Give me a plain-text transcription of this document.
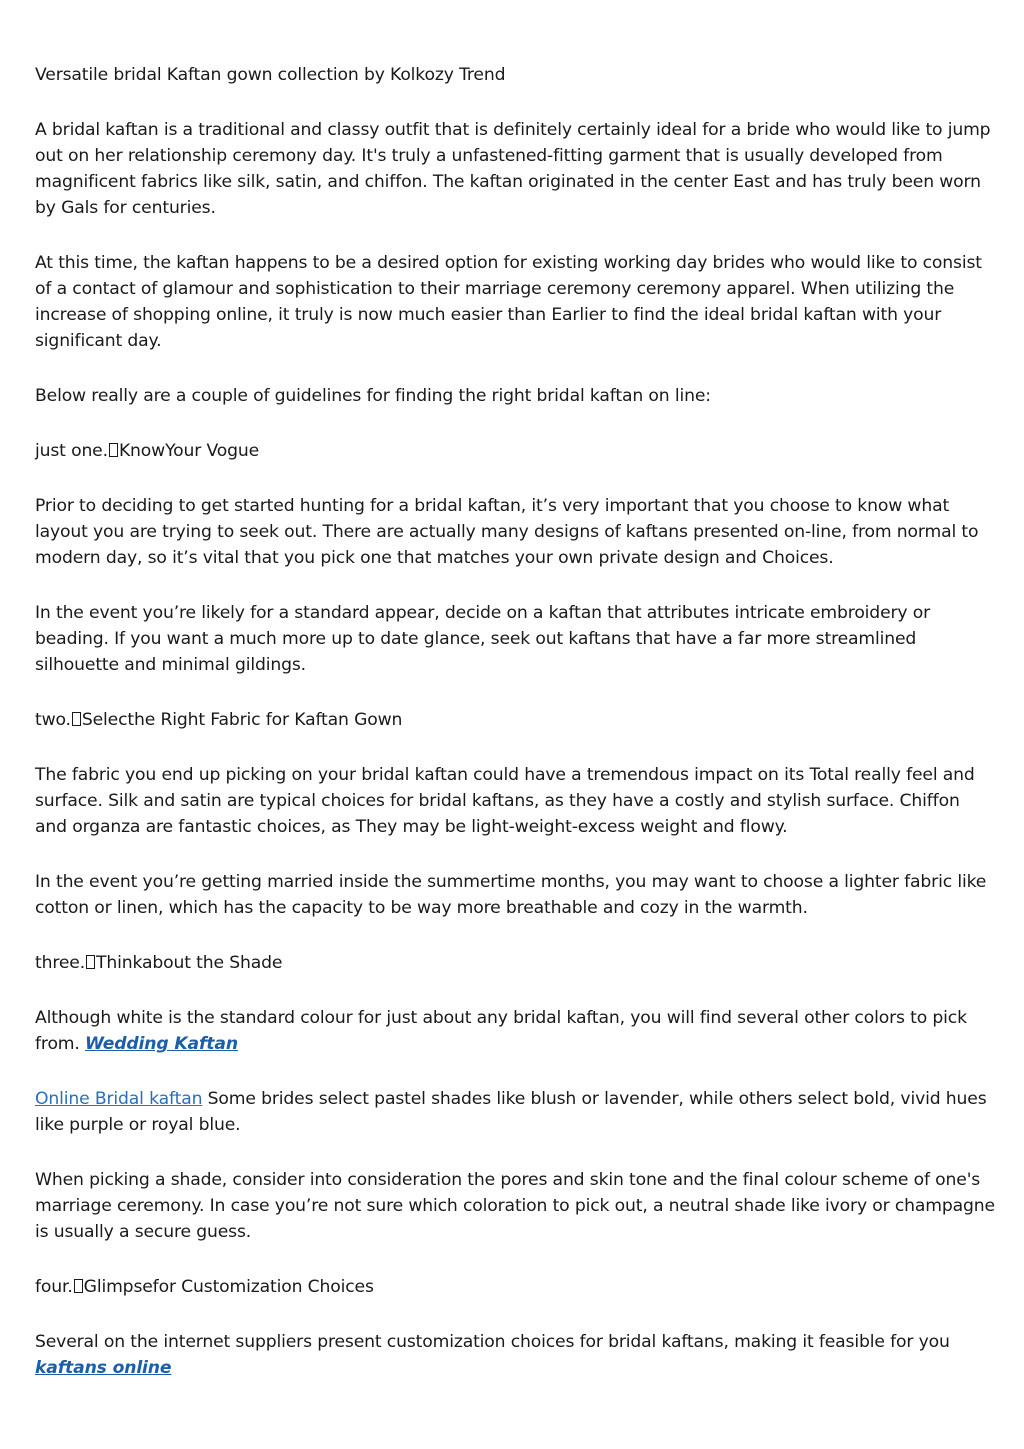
Versatile bridal Kaftan gown collection by Kolkozy Trend

A bridal kaftan is a traditional and classy outfit that is definitely certainly ideal for a bride who would like to jump out on her relationship ceremony day. It's truly a unfastened-fitting garment that is usually developed from magnificent fabrics like silk, satin, and chiffon. The kaftan originated in the center East and has truly been worn by Gals for centuries.

At this time, the kaftan happens to be a desired option for existing working day brides who would like to consist of a contact of glamour and sophistication to their marriage ceremony ceremony apparel. When utilizing the increase of shopping online, it truly is now much easier than Earlier to find the ideal bridal kaftan with your significant day.

Below really are a couple of guidelines for finding the right bridal kaftan on line:

just one. KnowYour Vogue

Prior to deciding to get started hunting for a bridal kaftan, it’s very important that you choose to know what layout you are trying to seek out. There are actually many designs of kaftans presented on-line, from normal to modern day, so it’s vital that you pick one that matches your own private design and Choices.

In the event you’re likely for a standard appear, decide on a kaftan that attributes intricate embroidery or beading. If you want a much more up to date glance, seek out kaftans that have a far more streamlined silhouette and minimal gildings.

two. Selecthe Right Fabric for Kaftan Gown

The fabric you end up picking on your bridal kaftan could have a tremendous impact on its Total really feel and surface. Silk and satin are typical choices for bridal kaftans, as they have a costly and stylish surface. Chiffon and organza are fantastic choices, as They may be light-weight-excess weight and flowy.

In the event you’re getting married inside the summertime months, you may want to choose a lighter fabric like cotton or linen, which has the capacity to be way more breathable and cozy in the warmth.

three. Thinkabout the Shade

Although white is the standard colour for just about any bridal kaftan, you will find several other colors to pick from. Wedding Kaftan

Online Bridal kaftan Some brides select pastel shades like blush or lavender, while others select bold, vivid hues like purple or royal blue.

When picking a shade, consider into consideration the pores and skin tone and the final colour scheme of one's marriage ceremony. In case you’re not sure which coloration to pick out, a neutral shade like ivory or champagne is usually a secure guess.

four. Glimpsefor Customization Choices

Several on the internet suppliers present customization choices for bridal kaftans, making it feasible for you kaftans online
